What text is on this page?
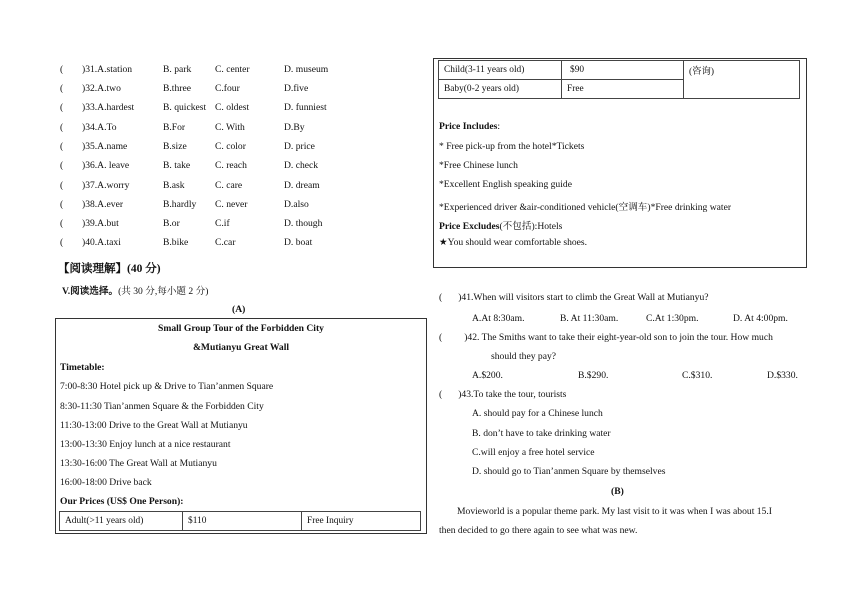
( )31.A.station	B. park C. center	D. museum
( )32.A.two	B.three	C.four	D.five
( )33.A.hardest	B. quickest C. oldest	D. funniest
( )34.A.To	B.For	C. With	D.By
( )35.A.name	B.size	C. color	D. price
( )36.A. leave	B. take	C. reach	D. check
( )37.A.worry	B.ask	C. care	D. dream
( )38.A.ever	B.hardly C. never	D.also
( )39.A.but	B.or	C.if	D. though
( )40.A.taxi	B.bike	C.car	D. boat
【阅读理解】(40 分)
V.阅读选择。(共 30 分,每小题 2 分)
(A)
Small Group Tour of the Forbidden City
&Mutianyu Great Wall
Timetable:
7:00-8:30 Hotel pick up & Drive to Tian’anmen Square
8:30-11:30 Tian’anmen Square & the Forbidden City
11:30-13:00 Drive to the Great Wall at Mutianyu
13:00-13:30 Enjoy lunch at a nice restaurant
13:30-16:00 The Great Wall at Mutianyu
16:00-18:00 Drive back
Our Prices (US$ One Person):
Adult(>11 years old)	$110	Free Inquiry
Child(3-11 years old)	$90	(咨询)
Baby(0-2 years old)	Free	
Price Includes:
* Free pick-up from the hotel*Tickets
*Free Chinese lunch
*Excellent English speaking guide
*Experienced driver &air-conditioned vehicle(空调车)*Free drinking water
Price Excludes(不包括):Hotels
★You should wear comfortable shoes.
( )41.When will visitors start to climb the Great Wall at Mutianyu?
A.At 8:30am.	B. At 11:30am.	C.At 1:30pm.	D. At 4:00pm.
( )42. The Smiths want to take their eight-year-old son to join the tour. How much
should they pay?
A.$200.	B.$290.	C.$310.	D.$330.
( )43.To take the tour, tourists
A. should pay for a Chinese lunch
B. don’t have to take drinking water
C.will enjoy a free hotel service
D. should go to Tian’anmen Square by themselves
(B)
Movieworld is a popular theme park. My last visit to it was when I was about 15.I
then decided to go there again to see what was new.
